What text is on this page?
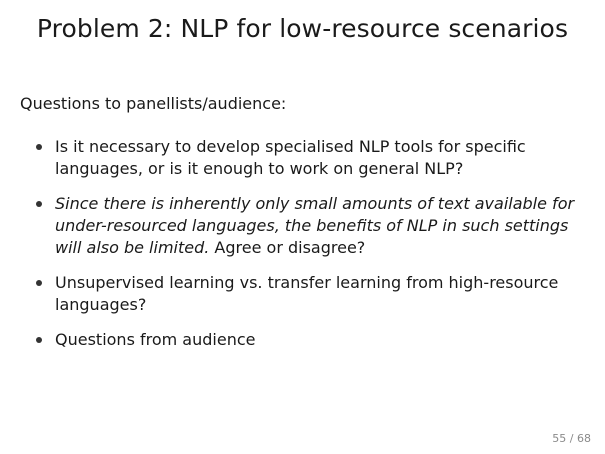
Problem 2: NLP for low-resource scenarios
Questions to panellists/audience:
Is it necessary to develop specialised NLP tools for specific languages, or is it enough to work on general NLP?
Since there is inherently only small amounts of text available for under-resourced languages, the benefits of NLP in such settings will also be limited. Agree or disagree?
Unsupervised learning vs. transfer learning from high-resource languages?
Questions from audience
55 / 68
